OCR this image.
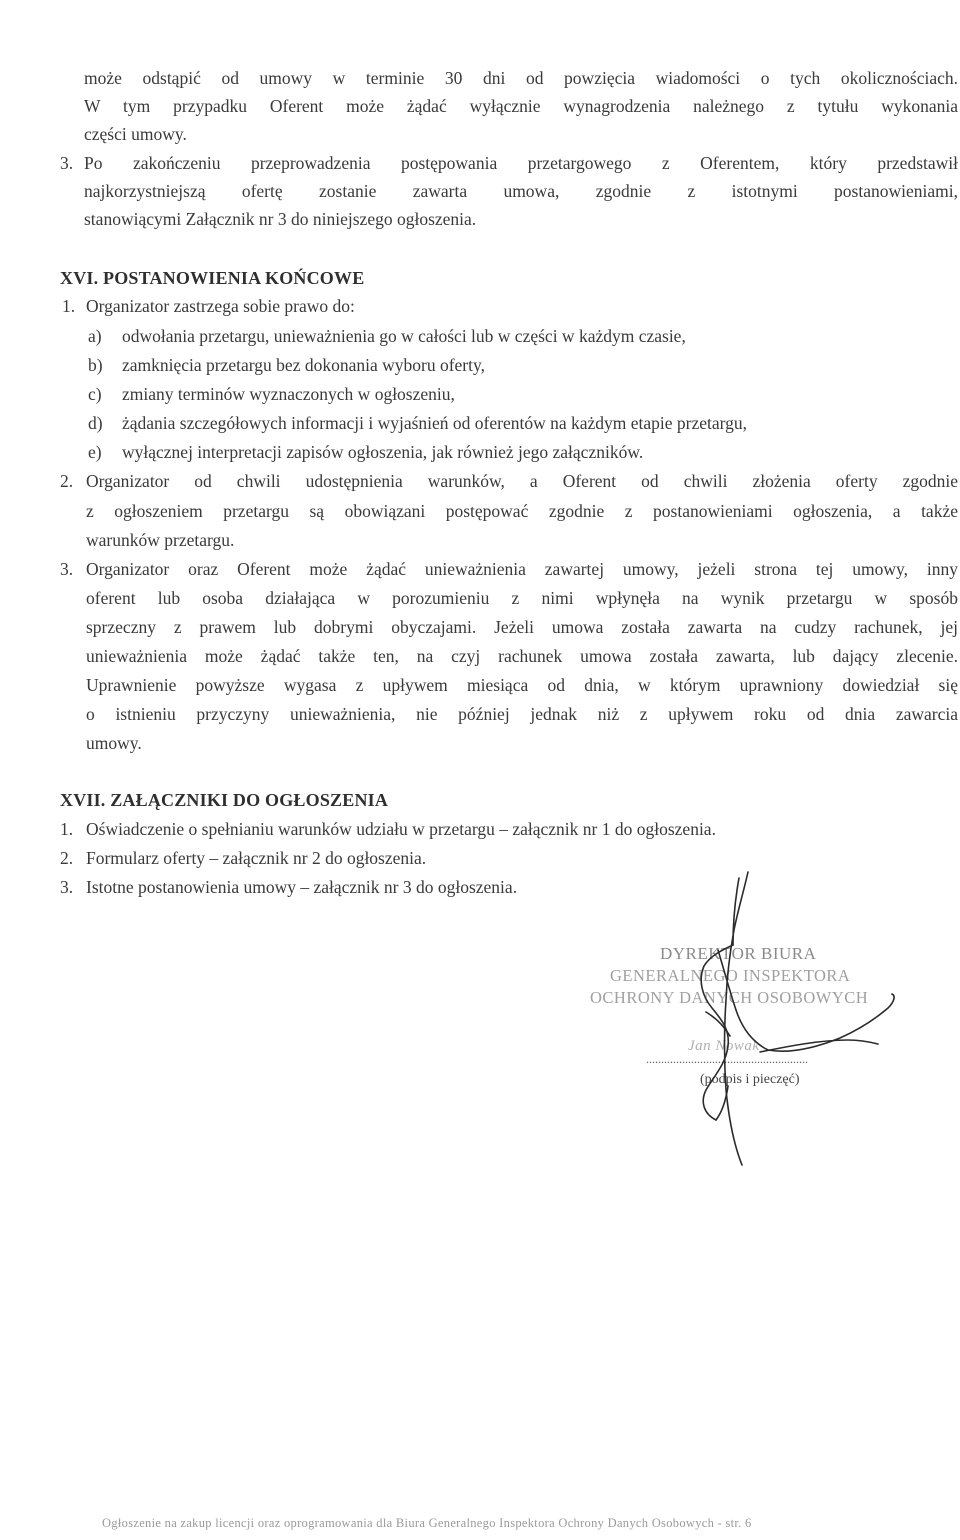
może odstąpić od umowy w terminie 30 dni od powzięcia wiadomości o tych okolicznościach.
W tym przypadku Oferent może żądać wyłącznie wynagrodzenia należnego z tytułu wykonania
części umowy.
3. Po zakończeniu przeprowadzenia postępowania przetargowego z Oferentem, który przedstawił
najkorzystniejszą ofertę zostanie zawarta umowa, zgodnie z istotnymi postanowieniami,
stanowiącymi Załącznik nr 3 do niniejszego ogłoszenia.
XVI. POSTANOWIENIA KOŃCOWE
1. Organizator zastrzega sobie prawo do:
a) odwołania przetargu, unieważnienia go w całości lub w części w każdym czasie,
b) zamknięcia przetargu bez dokonania wyboru oferty,
c) zmiany terminów wyznaczonych w ogłoszeniu,
d) żądania szczegółowych informacji i wyjaśnień od oferentów na każdym etapie przetargu,
e) wyłącznej interpretacji zapisów ogłoszenia, jak również jego załączników.
2. Organizator od chwili udostępnienia warunków, a Oferent od chwili złożenia oferty zgodnie
z ogłoszeniem przetargu są obowiązani postępować zgodnie z postanowieniami ogłoszenia, a także
warunków przetargu.
3. Organizator oraz Oferent może żądać unieważnienia zawartej umowy, jeżeli strona tej umowy, inny
oferent lub osoba działająca w porozumieniu z nimi wpłynęła na wynik przetargu w sposób
sprzeczny z prawem lub dobrymi obyczajami. Jeżeli umowa została zawarta na cudzy rachunek, jej
unieważnienia może żądać także ten, na czyj rachunek umowa została zawarta, lub dający zlecenie.
Uprawnienie powyższe wygasa z upływem miesiąca od dnia, w którym uprawniony dowiedział się
o istnieniu przyczyny unieważnienia, nie później jednak niż z upływem roku od dnia zawarcia
umowy.
XVII. ZAŁĄCZNIKI DO OGŁOSZENIA
1. Oświadczenie o spełnianiu warunków udziału w przetargu – załącznik nr 1 do ogłoszenia.
2. Formularz oferty – załącznik nr 2 do ogłoszenia.
3. Istotne postanowienia umowy – załącznik nr 3 do ogłoszenia.
DYREKTOR BIURA
GENERALNEGO INSPEKTORA
OCHRONY DANYCH OSOBOWYCH
Jan Nowak
......................................................
(podpis i pieczęć)
Ogłoszenie na zakup licencji oraz oprogramowania dla Biura Generalnego Inspektora Ochrony Danych Osobowych - str. 6
